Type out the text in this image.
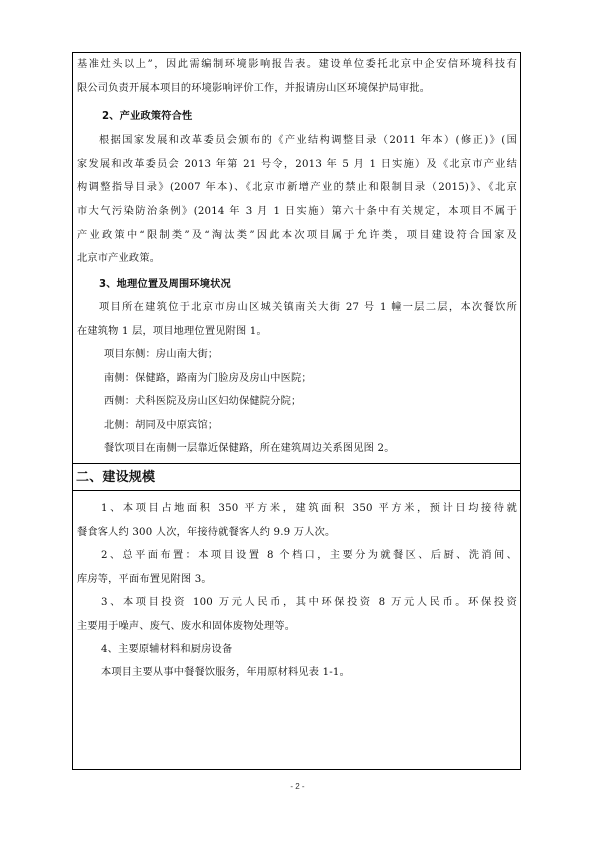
基准灶头以上”，因此需编制环境影响报告表。建设单位委托北京中企安信环境科技有
限公司负责开展本项目的环境影响评价工作，并报请房山区环境保护局审批。
2、产业政策符合性
根据国家发展和改革委员会颁布的《产业结构调整目录（2011 年本）(修正)》(国
家发展和改革委员会 2013 年第 21 号令，2013 年 5 月 1 日实施）及《北京市产业结
构调整指导目录》(2007 年本)、《北京市新增产业的禁止和限制目录（2015)》、《北京
市大气污染防治条例》(2014 年 3 月 1 日实施）第六十条中有关规定，本项目不属于
产业政策中“限制类”及“淘汰类”因此本次项目属于允许类，项目建设符合国家及
北京市产业政策。
3、地理位置及周围环境状况
项目所在建筑位于北京市房山区城关镇南关大街 27 号 1 幢一层二层，本次餐饮所
在建筑物 1 层，项目地理位置见附图 1。
项目东侧：房山南大街；
南侧：保健路，路南为门脸房及房山中医院；
西侧：犬科医院及房山区妇幼保健院分院；
北侧：胡同及中原宾馆；
餐饮项目在南侧一层靠近保健路，所在建筑周边关系图见图 2。
二、建设规模
1、本项目占地面积 350 平方米，建筑面积 350 平方米，预计日均接待就
餐食客人约 300 人次，年接待就餐客人约 9.9 万人次。
2、总平面布置：本项目设置 8 个档口，主要分为就餐区、后厨、洗消间、
库房等，平面布置见附图 3。
3、本项目投资 100 万元人民币，其中环保投资 8 万元人民币。环保投资
主要用于噪声、废气、废水和固体废物处理等。
4、主要原辅材料和厨房设备
本项目主要从事中餐餐饮服务，年用原材料见表 1-1。
- 2 -
